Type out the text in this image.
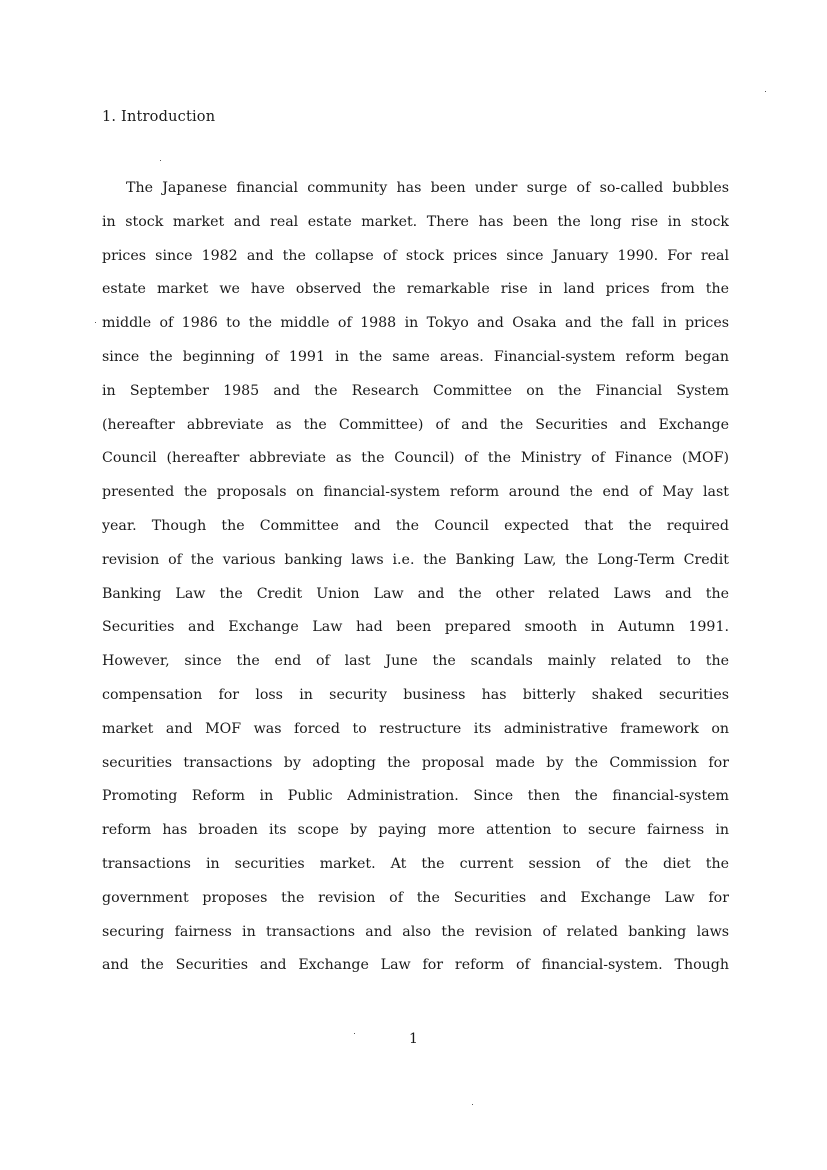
1. Introduction
The Japanese financial community has been under surge of so-called bubbles
in stock market and real estate market. There has been the long rise in stock
prices since 1982 and the collapse of stock prices since January 1990. For real
estate market we have observed the remarkable rise in land prices from the
middle of 1986 to the middle of 1988 in Tokyo and Osaka and the fall in prices
since the beginning of 1991 in the same areas. Financial-system reform began
in September 1985 and the Research Committee on the Financial System
(hereafter abbreviate as the Committee) of and the Securities and Exchange
Council (hereafter abbreviate as the Council) of the Ministry of Finance (MOF)
presented the proposals on financial-system reform around the end of May last
year. Though the Committee and the Council expected that the required
revision of the various banking laws i.e. the Banking Law, the Long-Term Credit
Banking Law the Credit Union Law and the other related Laws and the
Securities and Exchange Law had been prepared smooth in Autumn 1991.
However, since the end of last June the scandals mainly related to the
compensation for loss in security business has bitterly shaked securities
market and MOF was forced to restructure its administrative framework on
securities transactions by adopting the proposal made by the Commission for
Promoting Reform in Public Administration. Since then the financial-system
reform has broaden its scope by paying more attention to secure fairness in
transactions in securities market. At the current session of the diet the
government proposes the revision of the Securities and Exchange Law for
securing fairness in transactions and also the revision of related banking laws
and the Securities and Exchange Law for reform of financial-system. Though
1
